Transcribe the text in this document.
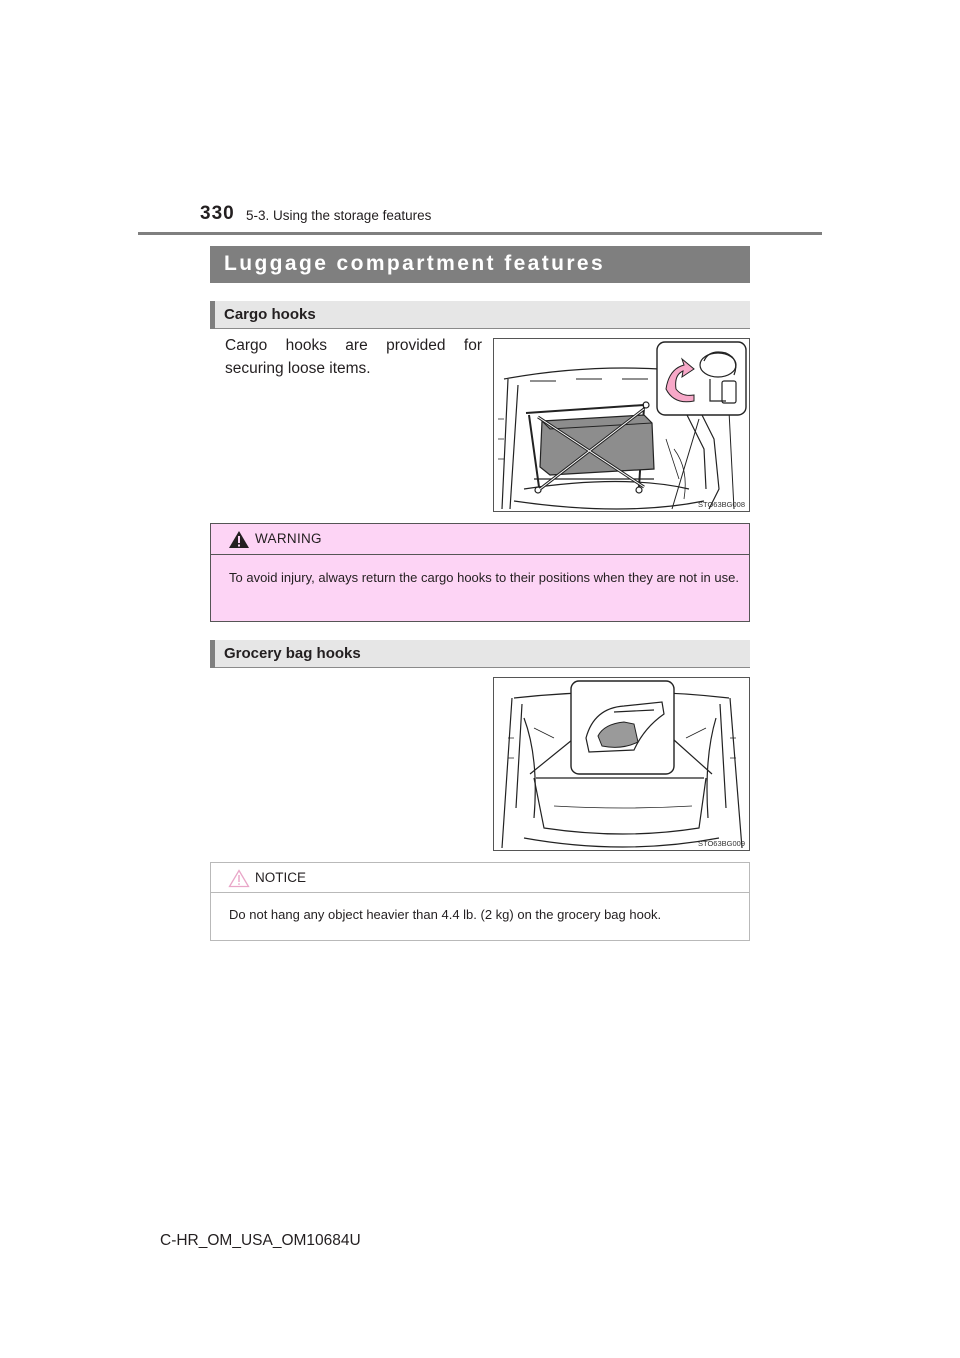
330 5-3. Using the storage features
Luggage compartment features
Cargo hooks
Cargo hooks are provided for securing loose items.
STO63BG008
WARNING
To avoid injury, always return the cargo hooks to their positions when they are not in use.
Grocery bag hooks
STO63BG009
NOTICE
Do not hang any object heavier than 4.4 lb. (2 kg) on the grocery bag hook.
C-HR_OM_USA_OM10684U
